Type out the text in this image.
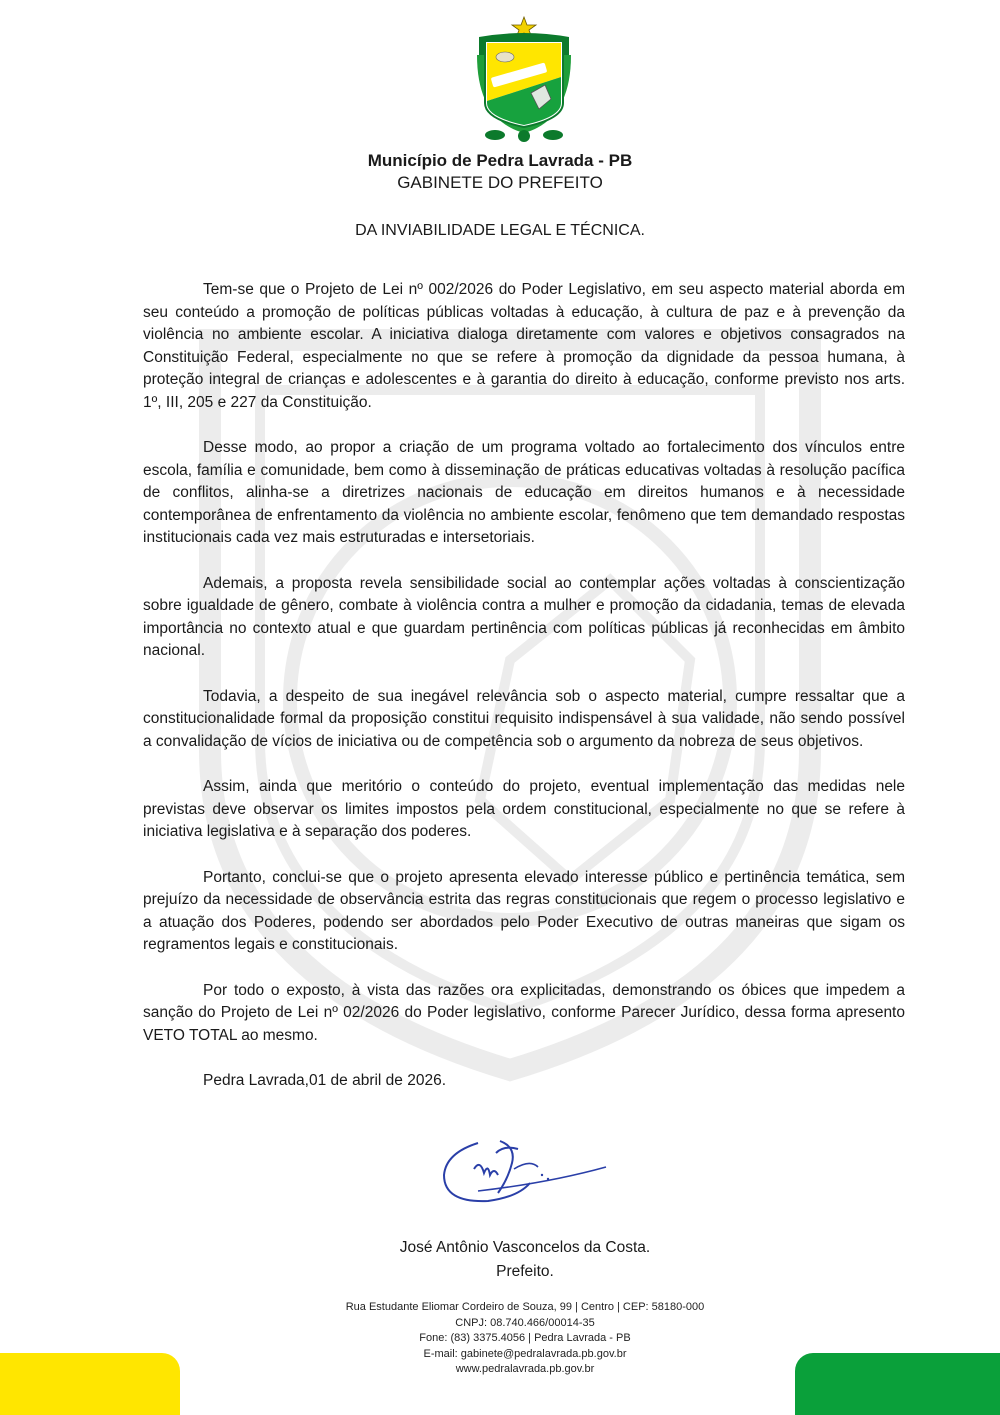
Município de Pedra Lavrada - PB

GABINETE DO PREFEITO

DA INVIABILIDADE LEGAL E TÉCNICA.

Tem-se que o Projeto de Lei nº 002/2026 do Poder Legislativo, em seu aspecto material aborda em seu conteúdo a promoção de políticas públicas voltadas à educação, à cultura de paz e à prevenção da violência no ambiente escolar. A iniciativa dialoga diretamente com valores e objetivos consagrados na Constituição Federal, especialmente no que se refere à promoção da dignidade da pessoa humana, à proteção integral de crianças e adolescentes e à garantia do direito à educação, conforme previsto nos arts. 1º, III, 205 e 227 da Constituição.

Desse modo, ao propor a criação de um programa voltado ao fortalecimento dos vínculos entre escola, família e comunidade, bem como à disseminação de práticas educativas voltadas à resolução pacífica de conflitos, alinha-se a diretrizes nacionais de educação em direitos humanos e à necessidade contemporânea de enfrentamento da violência no ambiente escolar, fenômeno que tem demandado respostas institucionais cada vez mais estruturadas e intersetoriais.

Ademais, a proposta revela sensibilidade social ao contemplar ações voltadas à conscientização sobre igualdade de gênero, combate à violência contra a mulher e promoção da cidadania, temas de elevada importância no contexto atual e que guardam pertinência com políticas públicas já reconhecidas em âmbito nacional.

Todavia, a despeito de sua inegável relevância sob o aspecto material, cumpre ressaltar que a constitucionalidade formal da proposição constitui requisito indispensável à sua validade, não sendo possível a convalidação de vícios de iniciativa ou de competência sob o argumento da nobreza de seus objetivos.

Assim, ainda que meritório o conteúdo do projeto, eventual implementação das medidas nele previstas deve observar os limites impostos pela ordem constitucional, especialmente no que se refere à iniciativa legislativa e à separação dos poderes.

Portanto, conclui-se que o projeto apresenta elevado interesse público e pertinência temática, sem prejuízo da necessidade de observância estrita das regras constitucionais que regem o processo legislativo e a atuação dos Poderes, podendo ser abordados pelo Poder Executivo de outras maneiras que sigam os regramentos legais e constitucionais.

Por todo o exposto, à vista das razões ora explicitadas, demonstrando os óbices que impedem a sanção do Projeto de Lei nº 02/2026 do Poder legislativo, conforme Parecer Jurídico, dessa forma apresento VETO TOTAL ao mesmo.

Pedra Lavrada,01 de abril de 2026.

José Antônio Vasconcelos da Costa.
Prefeito.
Rua Estudante Eliomar Cordeiro de Souza, 99 | Centro | CEP: 58180-000
CNPJ: 08.740.466/00014-35
Fone: (83) 3375.4056 | Pedra Lavrada - PB
E-mail: gabinete@pedralavrada.pb.gov.br
www.pedralavrada.pb.gov.br
